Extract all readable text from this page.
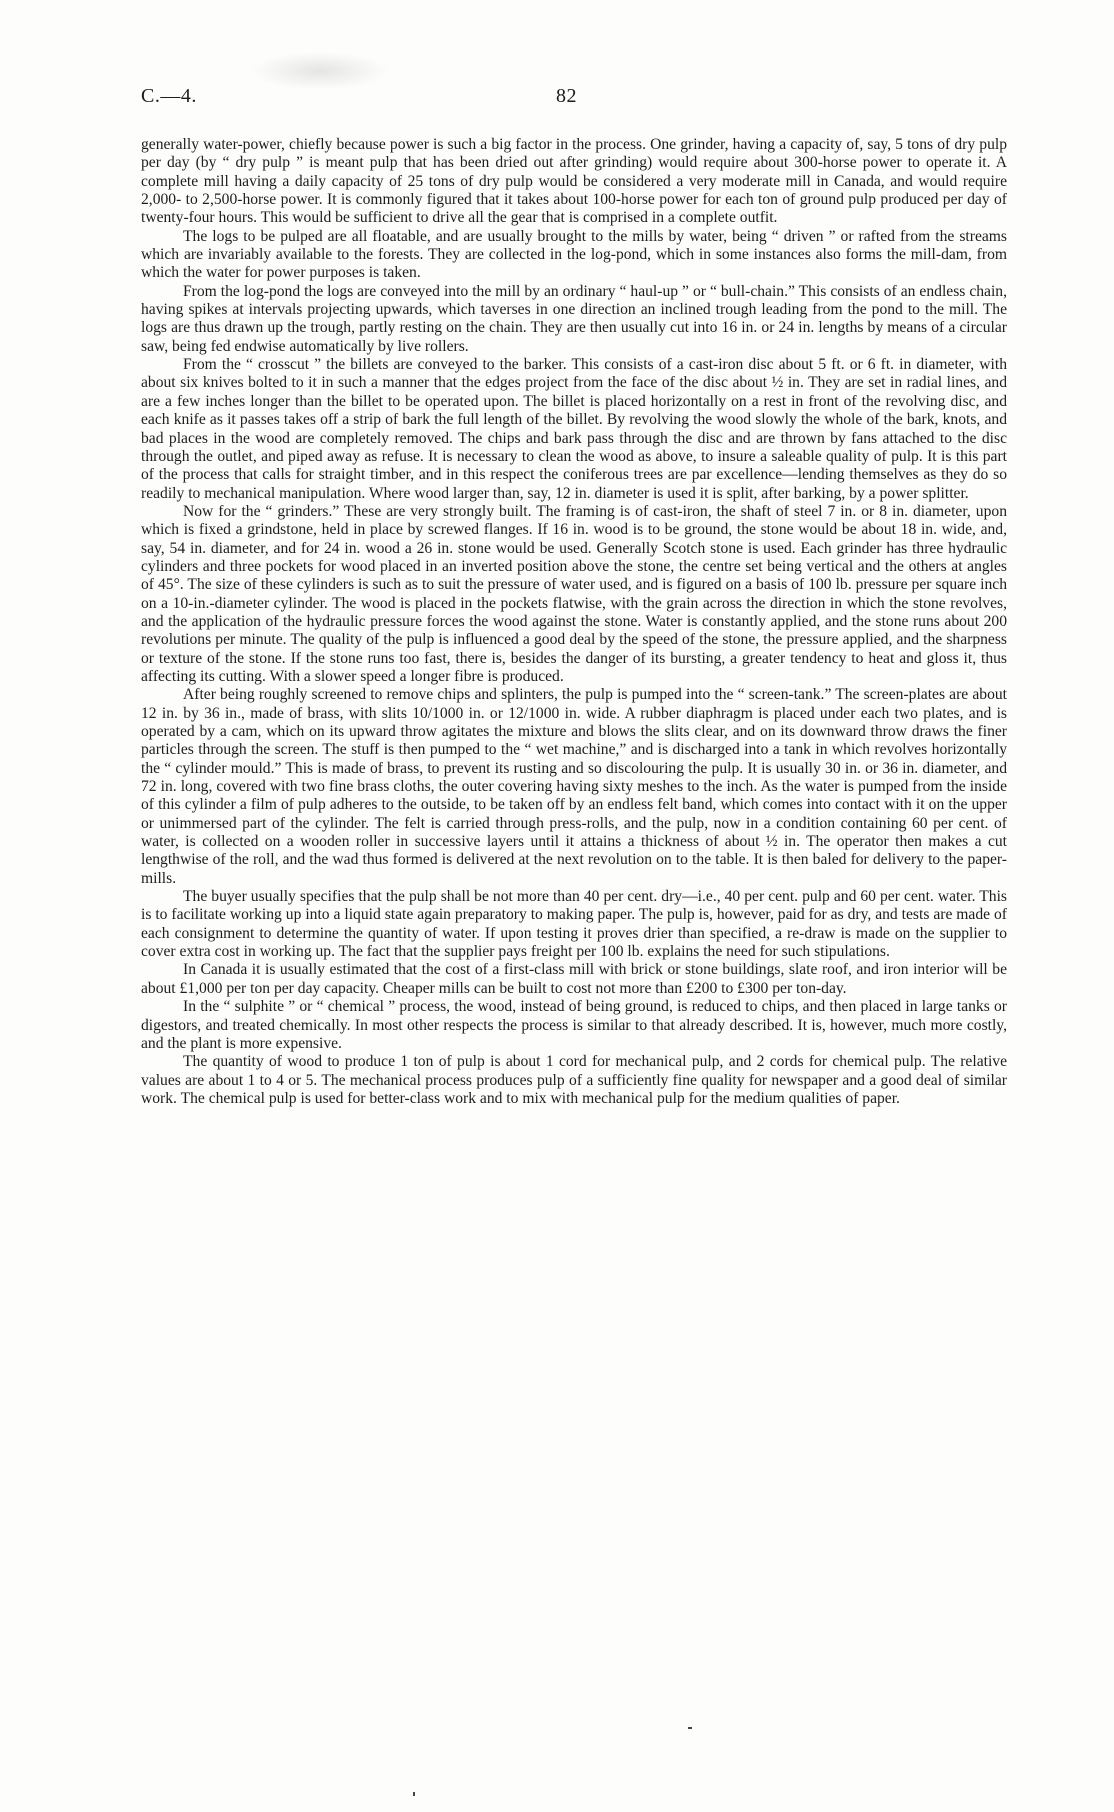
C.—4.	82

generally water-power, chiefly because power is such a big factor in the process. One grinder, having a capacity of, say, 5 tons of dry pulp per day (by “ dry pulp ” is meant pulp that has been dried out after grinding) would require about 300-horse power to operate it. A complete mill having a daily capacity of 25 tons of dry pulp would be considered a very moderate mill in Canada, and would require 2,000- to 2,500-horse power. It is commonly figured that it takes about 100-horse power for each ton of ground pulp produced per day of twenty-four hours. This would be sufficient to drive all the gear that is comprised in a complete outfit.

The logs to be pulped are all floatable, and are usually brought to the mills by water, being “ driven ” or rafted from the streams which are invariably available to the forests. They are collected in the log-pond, which in some instances also forms the mill-dam, from which the water for power purposes is taken.

From the log-pond the logs are conveyed into the mill by an ordinary “ haul-up ” or “ bull-chain.” This consists of an endless chain, having spikes at intervals projecting upwards, which taverses in one direction an inclined trough leading from the pond to the mill. The logs are thus drawn up the trough, partly resting on the chain. They are then usually cut into 16 in. or 24 in. lengths by means of a circular saw, being fed endwise automatically by live rollers.

From the “ crosscut ” the billets are conveyed to the barker. This consists of a cast-iron disc about 5 ft. or 6 ft. in diameter, with about six knives bolted to it in such a manner that the edges project from the face of the disc about ½ in. They are set in radial lines, and are a few inches longer than the billet to be operated upon. The billet is placed horizontally on a rest in front of the revolving disc, and each knife as it passes takes off a strip of bark the full length of the billet. By revolving the wood slowly the whole of the bark, knots, and bad places in the wood are completely removed. The chips and bark pass through the disc and are thrown by fans attached to the disc through the outlet, and piped away as refuse. It is necessary to clean the wood as above, to insure a saleable quality of pulp. It is this part of the process that calls for straight timber, and in this respect the coniferous trees are par excellence—lending themselves as they do so readily to mechanical manipulation. Where wood larger than, say, 12 in. diameter is used it is split, after barking, by a power splitter.

Now for the “ grinders.” These are very strongly built. The framing is of cast-iron, the shaft of steel 7 in. or 8 in. diameter, upon which is fixed a grindstone, held in place by screwed flanges. If 16 in. wood is to be ground, the stone would be about 18 in. wide, and, say, 54 in. diameter, and for 24 in. wood a 26 in. stone would be used. Generally Scotch stone is used. Each grinder has three hydraulic cylinders and three pockets for wood placed in an inverted position above the stone, the centre set being vertical and the others at angles of 45°. The size of these cylinders is such as to suit the pressure of water used, and is figured on a basis of 100 lb. pressure per square inch on a 10-in.-diameter cylinder. The wood is placed in the pockets flatwise, with the grain across the direction in which the stone revolves, and the application of the hydraulic pressure forces the wood against the stone. Water is constantly applied, and the stone runs about 200 revolutions per minute. The quality of the pulp is influenced a good deal by the speed of the stone, the pressure applied, and the sharpness or texture of the stone. If the stone runs too fast, there is, besides the danger of its bursting, a greater tendency to heat and gloss it, thus affecting its cutting. With a slower speed a longer fibre is produced.

After being roughly screened to remove chips and splinters, the pulp is pumped into the “ screen-tank.” The screen-plates are about 12 in. by 36 in., made of brass, with slits 10/1000 in. or 12/1000 in. wide. A rubber diaphragm is placed under each two plates, and is operated by a cam, which on its upward throw agitates the mixture and blows the slits clear, and on its downward throw draws the finer particles through the screen. The stuff is then pumped to the “ wet machine,” and is discharged into a tank in which revolves horizontally the “ cylinder mould.” This is made of brass, to prevent its rusting and so discolouring the pulp. It is usually 30 in. or 36 in. diameter, and 72 in. long, covered with two fine brass cloths, the outer covering having sixty meshes to the inch. As the water is pumped from the inside of this cylinder a film of pulp adheres to the outside, to be taken off by an endless felt band, which comes into contact with it on the upper or unimmersed part of the cylinder. The felt is carried through press-rolls, and the pulp, now in a condition containing 60 per cent. of water, is collected on a wooden roller in successive layers until it attains a thickness of about ½ in. The operator then makes a cut lengthwise of the roll, and the wad thus formed is delivered at the next revolution on to the table. It is then baled for delivery to the paper-mills.

The buyer usually specifies that the pulp shall be not more than 40 per cent. dry—i.e., 40 per cent. pulp and 60 per cent. water. This is to facilitate working up into a liquid state again preparatory to making paper. The pulp is, however, paid for as dry, and tests are made of each consignment to determine the quantity of water. If upon testing it proves drier than specified, a re-draw is made on the supplier to cover extra cost in working up. The fact that the supplier pays freight per 100 lb. explains the need for such stipulations.

In Canada it is usually estimated that the cost of a first-class mill with brick or stone buildings, slate roof, and iron interior will be about £1,000 per ton per day capacity. Cheaper mills can be built to cost not more than £200 to £300 per ton-day.

In the “ sulphite ” or “ chemical ” process, the wood, instead of being ground, is reduced to chips, and then placed in large tanks or digestors, and treated chemically. In most other respects the process is similar to that already described. It is, however, much more costly, and the plant is more expensive.

The quantity of wood to produce 1 ton of pulp is about 1 cord for mechanical pulp, and 2 cords for chemical pulp. The relative values are about 1 to 4 or 5. The mechanical process produces pulp of a sufficiently fine quality for newspaper and a good deal of similar work. The chemical pulp is used for better-class work and to mix with mechanical pulp for the medium qualities of paper.
